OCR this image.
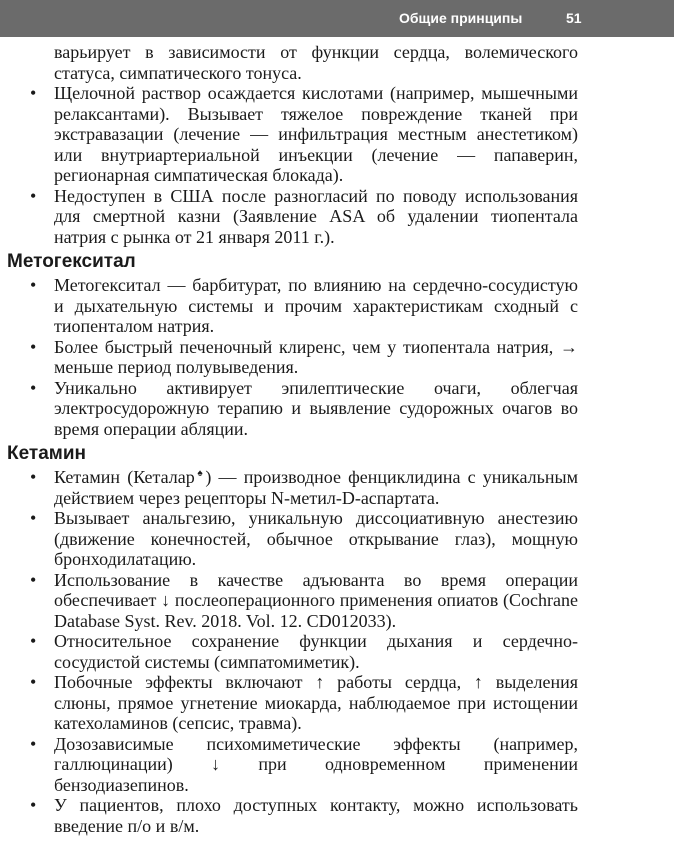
Общие принципы	51

варьирует в зависимости от функции сердца, волемического статуса, симпатического тонуса.

• Щелочной раствор осаждается кислотами (например, мышечными релаксантами). Вызывает тяжелое повреждение тканей при экстравазации (лечение — инфильтрация местным анестетиком) или внутриартериальной инъекции (лечение — папаверин, регионарная симпатическая блокада).

• Недоступен в США после разногласий по поводу использования для смертной казни (Заявление ASA об удалении тиопентала натрия с рынка от 21 января 2011 г.).

Метогекситал

• Метогекситал — барбитурат, по влиянию на сердечно-сосудистую и дыхательную системы и прочим характеристикам сходный с тиопенталом натрия.

• Более быстрый печеночный клиренс, чем у тиопентала натрия, → меньше период полувыведения.

• Уникально активирует эпилептические очаги, облегчая электросудорожную терапию и выявление судорожных очагов во время операции абляции.

Кетамин

• Кетамин (Кеталар♠) — производное фенциклидина с уникальным действием через рецепторы N-метил-D-аспартата.

• Вызывает анальгезию, уникальную диссоциативную анестезию (движение конечностей, обычное открывание глаз), мощную бронходилатацию.

• Использование в качестве адъюванта во время операции обеспечивает ↓ послеоперационного применения опиатов (Cochrane Database Syst. Rev. 2018. Vol. 12. CD012033).

• Относительное сохранение функции дыхания и сердечно-сосудистой системы (симпатомиметик).

• Побочные эффекты включают ↑ работы сердца, ↑ выделения слюны, прямое угнетение миокарда, наблюдаемое при истощении катехоламинов (сепсис, травма).

• Дозозависимые психомиметические эффекты (например, галлюцинации) ↓ при одновременном применении бензодиазепинов.

• У пациентов, плохо доступных контакту, можно использовать введение п/о и в/м.
